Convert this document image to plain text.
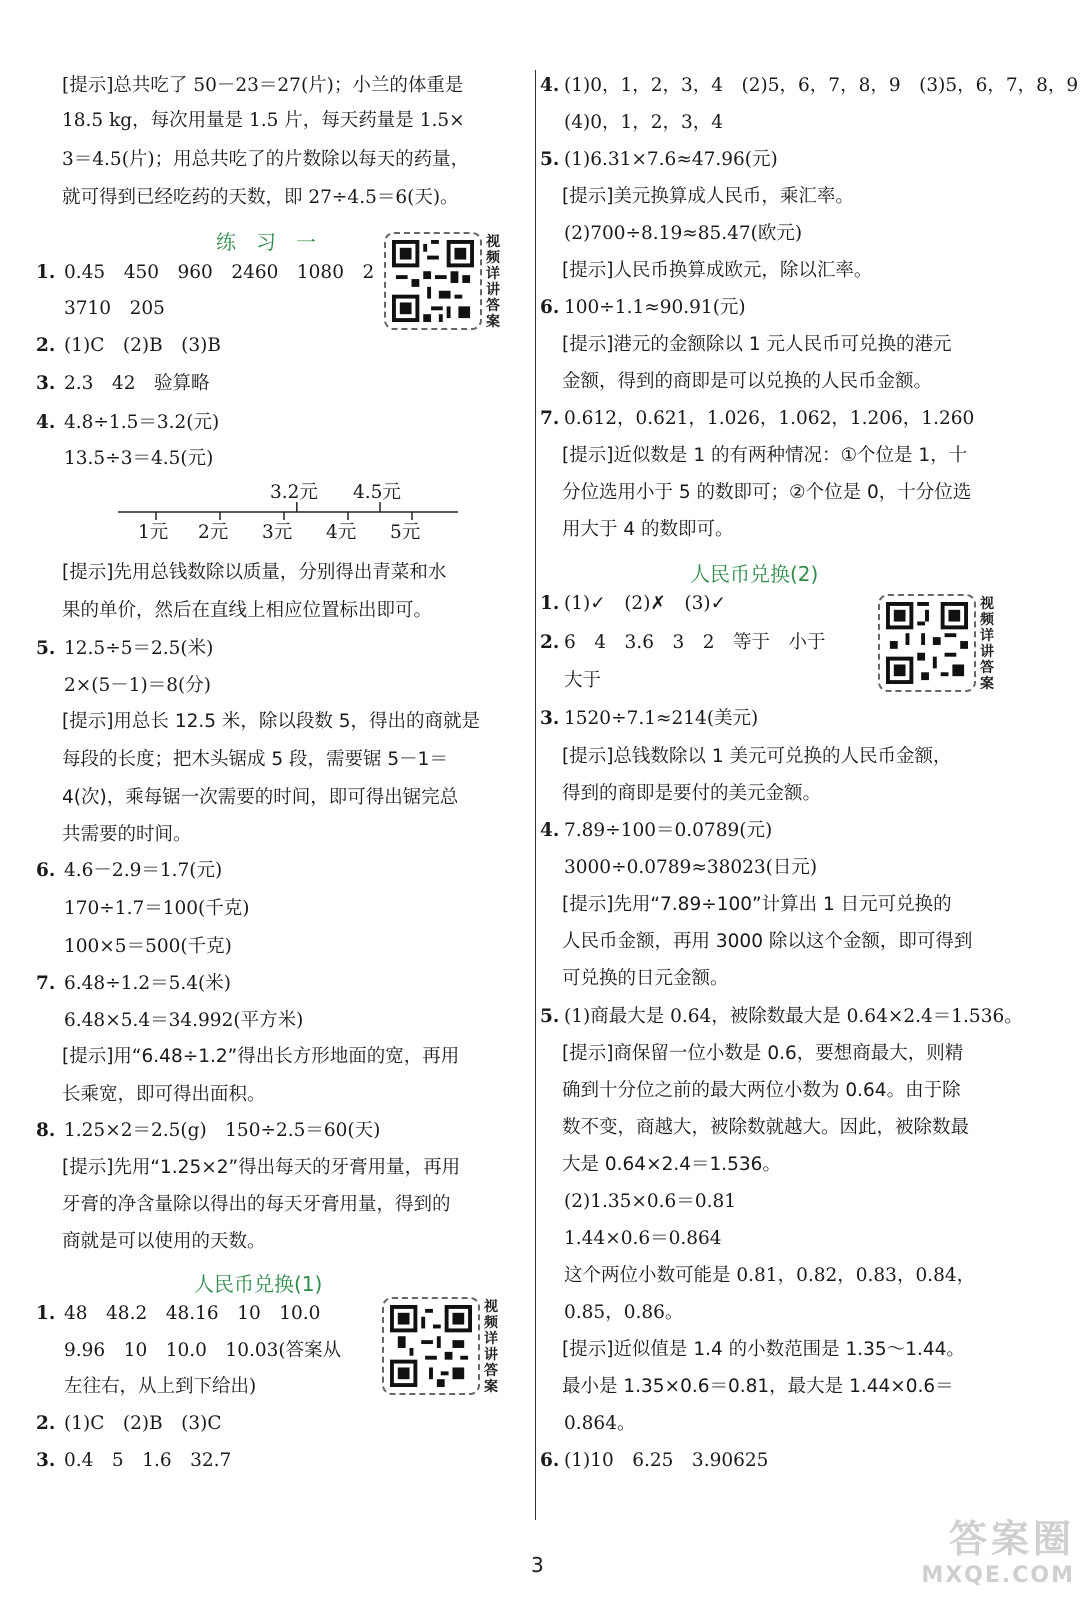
[提示]总共吃了 50－23＝27(片)；小兰的体重是
18.5 kg，每次用量是 1.5 片，每天药量是 1.5×
3＝4.5(片)；用总共吃了的片数除以每天的药量，
就可得到已经吃药的天数，即 27÷4.5＝6(天)。
练　习　一
1. 0.45　450　960　2460　1080　2
3710　205
视频详讲答案
2. (1)C　(2)B　(3)B
3. 2.3　42　验算略
4. 4.8÷1.5＝3.2(元)
13.5÷3＝4.5(元)
3.2元 4.5元
1元 2元 3元 4元 5元
[提示]先用总钱数除以质量，分别得出青菜和水
果的单价，然后在直线上相应位置标出即可。
5. 12.5÷5＝2.5(米)
2×(5－1)＝8(分)
[提示]用总长 12.5 米，除以段数 5，得出的商就是
每段的长度；把木头锯成 5 段，需要锯 5－1＝
4(次)，乘每锯一次需要的时间，即可得出锯完总
共需要的时间。
6. 4.6－2.9＝1.7(元)
170÷1.7＝100(千克)
100×5＝500(千克)
7. 6.48÷1.2＝5.4(米)
6.48×5.4＝34.992(平方米)
[提示]用“6.48÷1.2”得出长方形地面的宽，再用
长乘宽，即可得出面积。
8. 1.25×2＝2.5(g)　150÷2.5＝60(天)
[提示]先用“1.25×2”得出每天的牙膏用量，再用
牙膏的净含量除以得出的每天牙膏用量，得到的
商就是可以使用的天数。
人民币兑换(1)
1. 48　48.2　48.16　10　10.0
9.96　10　10.0　10.03(答案从
左往右，从上到下给出)
视频详讲答案
2. (1)C　(2)B　(3)C
3. 0.4　5　1.6　32.7
4. (1)0，1，2，3，4　(2)5，6，7，8，9　(3)5，6，7，8，9
(4)0，1，2，3，4
5. (1)6.31×7.6≈47.96(元)
[提示]美元换算成人民币，乘汇率。
(2)700÷8.19≈85.47(欧元)
[提示]人民币换算成欧元，除以汇率。
6. 100÷1.1≈90.91(元)
[提示]港元的金额除以 1 元人民币可兑换的港元
金额，得到的商即是可以兑换的人民币金额。
7. 0.612，0.621，1.026，1.062，1.206，1.260
[提示]近似数是 1 的有两种情况：①个位是 1，十
分位选用小于 5 的数即可；②个位是 0，十分位选
用大于 4 的数即可。
人民币兑换(2)
1. (1)✓　(2)✗　(3)✓	视频详讲答案
2. 6　4　3.6　3　2　等于　小于
大于
3. 1520÷7.1≈214(美元)
[提示]总钱数除以 1 美元可兑换的人民币金额，
得到的商即是要付的美元金额。
4. 7.89÷100＝0.0789(元)
3000÷0.0789≈38023(日元)
[提示]先用“7.89÷100”计算出 1 日元可兑换的
人民币金额，再用 3000 除以这个金额，即可得到
可兑换的日元金额。
5. (1)商最大是 0.64，被除数最大是 0.64×2.4＝1.536。
[提示]商保留一位小数是 0.6，要想商最大，则精
确到十分位之前的最大两位小数为 0.64。由于除
数不变，商越大，被除数就越大。因此，被除数最
大是 0.64×2.4＝1.536。
(2)1.35×0.6＝0.81
1.44×0.6＝0.864
这个两位小数可能是 0.81，0.82，0.83，0.84，
0.85，0.86。
[提示]近似值是 1.4 的小数范围是 1.35～1.44。
最小是 1.35×0.6＝0.81，最大是 1.44×0.6＝
0.864。
6. (1)10　6.25　3.90625
3
答案圈
MXQE.COM
